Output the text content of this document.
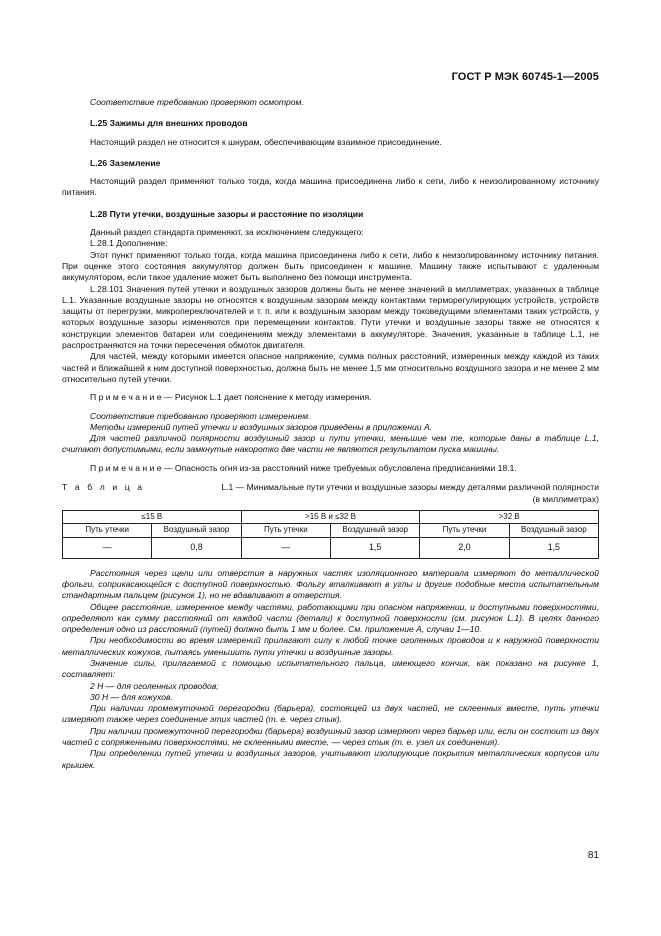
ГОСТ Р МЭК 60745-1—2005

Соответствие требованию проверяют осмотром.

L.25 Зажимы для внешних проводов

Настоящий раздел не относится к шнурам, обеспечивающим взаимное присоединение.

L.26 Заземление

Настоящий раздел применяют только тогда, когда машина присоединена либо к сети, либо к неизолированному источнику питания.

L.28 Пути утечки, воздушные зазоры и расстояние по изоляции

Данный раздел стандарта применяют, за исключением следующего:

L.28.1 Дополнение:

Этот пункт применяют только тогда, когда машина присоединена либо к сети, либо к неизолированному источнику питания. При оценке этого состояния аккумулятор должен быть присоединен к машине. Машину также испытывают с удаленным аккумулятором, если такое удаление может быть выполнено без помощи инструмента.

L.28.101 Значения путей утечки и воздушных зазоров должны быть не менее значений в миллиметрах, указанных в таблице L.1. Указанные воздушные зазоры не относятся к воздушным зазорам между контактами терморегулирующих устройств, устройств защиты от перегрузки, микропереключателей и т. п. или к воздушным зазорам между токоведущими элементами таких устройств, у которых воздушные зазоры изменяются при перемещении контактов. Пути утечки и воздушные зазоры также не относятся к конструкции элементов батареи или соединениям между элементами в аккумуляторе. Значения, указанные в таблице L.1, не распространяются на точки пересечения обмоток двигателя.

Для частей, между которыми имеется опасное напряжение, сумма полных расстояний, измеренных между каждой из таких частей и ближайшей к ним доступной поверхностью, должна быть не менее 1,5 мм относительно воздушного зазора и не менее 2 мм относительно путей утечки.

П р и м е ч а н и е — Рисунок L.1 дает пояснение к методу измерения.

Соответствие требованию проверяют измерением.

Методы измерений путей утечки и воздушных зазоров приведены в приложении А.

Для частей различной полярности воздушный зазор и пути утечки, меньшие чем те, которые даны в таблице L.1, считают допустимыми, если замкнутые накоротко две части не являются результатом пуска машины.

П р и м е ч а н и е — Опасность огня из-за расстояний ниже требуемых обусловлена предписаниями 18.1.

Т а б л и ц а	L.1 — Минимальные пути утечки и воздушные зазоры между деталями различной полярности
(в миллиметрах)
≤15 В		>15 В и ≤32 В		>32 В	
Путь утечки	Воздушный зазор	Путь утечки	Воздушный зазор	Путь утечки	Воздушный зазор
—	0,8	—	1,5	2,0	1,5

Расстояния через щели или отверстия в наружных частях изоляционного материала измеряют до металлической фольги, соприкасающейся с доступной поверхностью. Фольгу вталкивают в углы и другие подобные места испытательным стандартным пальцем (рисунок 1), но не вдавливают в отверстия.

Общее расстояние, измеренное между частями, работающими при опасном напряжении, и доступными поверхностями, определяют как сумму расстояний от каждой части (детали) к доступной поверхности (см. рисунок L.1). В целях данного определения одно из расстояний (путей) должно быть 1 мм и более. См. приложение А, случаи 1—10.

При необходимости во время измерений прилагают силу к любой точке оголенных проводов и к наружной поверхности металлических кожухов, пытаясь уменьшить пути утечки и воздушные зазоры.

Значение силы, прилагаемой с помощью испытательного пальца, имеющего кончик, как показано на рисунке 1, составляет:

2 Н — для оголенных проводов;

30 Н — для кожухов.

При наличии промежуточной перегородки (барьера), состоящей из двух частей, не склеенных вместе, путь утечки измеряют также через соединение этих частей (т. е. через стык).

При наличии промежуточной перегородки (барьера) воздушный зазор измеряют через барьер или, если он состоит из двух частей с сопряженными поверхностями, не склеенными вместе, — через стык (т. е. узел их соединения).

При определении путей утечки и воздушных зазоров, учитывают изолирующие покрытия металлических корпусов или крышек.

81
